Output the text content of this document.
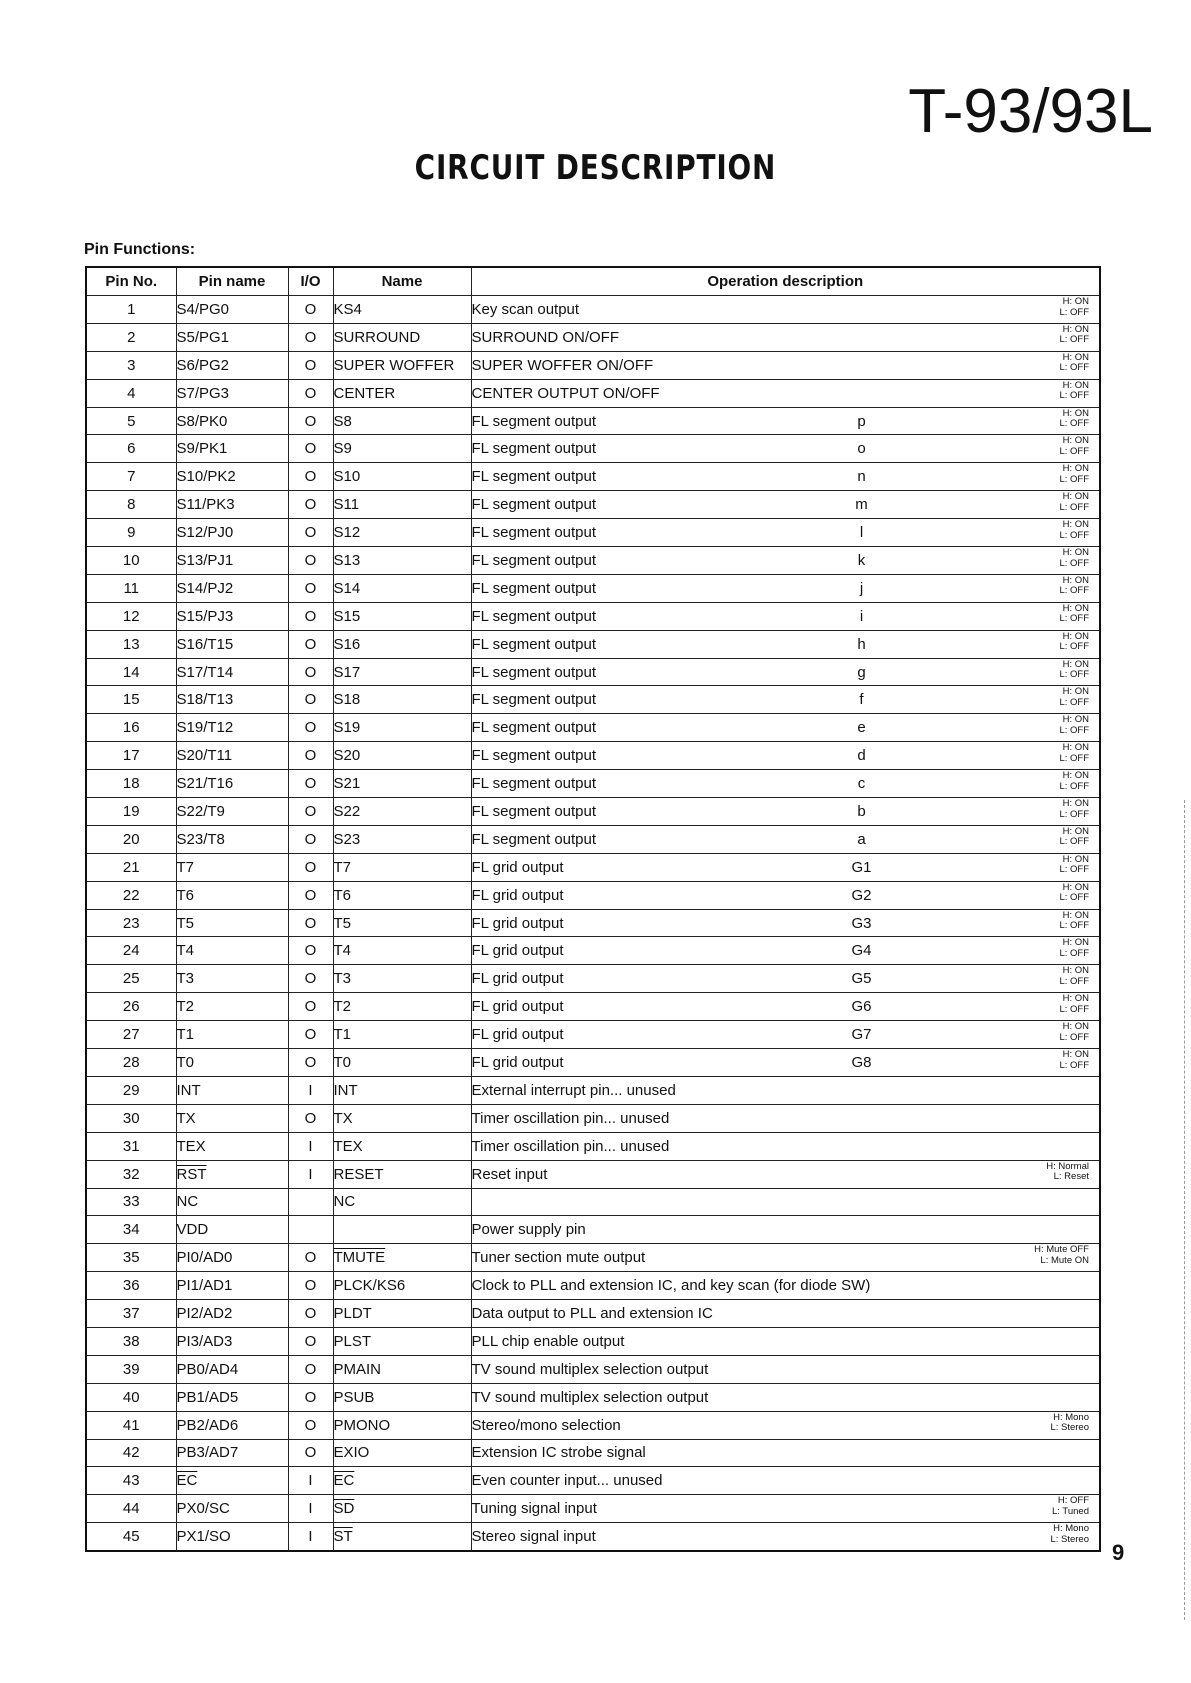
T-93/93L
CIRCUIT DESCRIPTION
Pin Functions:
Pin No.	Pin name	I/O	Name	Operation description
1	S4/PG0	O	KS4	Key scan output H: ON
L: OFF

2	S5/PG1	O	SURROUND	SURROUND ON/OFF H: ON
L: OFF

3	S6/PG2	O	SUPER WOFFER	SUPER WOFFER ON/OFF H: ON
L: OFF

4	S7/PG3	O	CENTER	CENTER OUTPUT ON/OFF H: ON
L: OFF

5	S8/PK0	O	S8	FL segment output p H: ON
L: OFF

6	S9/PK1	O	S9	FL segment output o H: ON
L: OFF

7	S10/PK2	O	S10	FL segment output n H: ON
L: OFF

8	S11/PK3	O	S11	FL segment output m H: ON
L: OFF

9	S12/PJ0	O	S12	FL segment output l H: ON
L: OFF

10	S13/PJ1	O	S13	FL segment output k H: ON
L: OFF

11	S14/PJ2	O	S14	FL segment output j H: ON
L: OFF

12	S15/PJ3	O	S15	FL segment output i H: ON
L: OFF

13	S16/T15	O	S16	FL segment output h H: ON
L: OFF

14	S17/T14	O	S17	FL segment output g H: ON
L: OFF

15	S18/T13	O	S18	FL segment output f H: ON
L: OFF

16	S19/T12	O	S19	FL segment output e H: ON
L: OFF

17	S20/T11	O	S20	FL segment output d H: ON
L: OFF

18	S21/T16	O	S21	FL segment output c H: ON
L: OFF

19	S22/T9	O	S22	FL segment output b H: ON
L: OFF

20	S23/T8	O	S23	FL segment output a H: ON
L: OFF

21	T7	O	T7	FL grid output G1 H: ON
L: OFF

22	T6	O	T6	FL grid output G2 H: ON
L: OFF

23	T5	O	T5	FL grid output G3 H: ON
L: OFF

24	T4	O	T4	FL grid output G4 H: ON
L: OFF

25	T3	O	T3	FL grid output G5 H: ON
L: OFF

26	T2	O	T2	FL grid output G6 H: ON
L: OFF

27	T1	O	T1	FL grid output G7 H: ON
L: OFF

28	T0	O	T0	FL grid output G8 H: ON
L: OFF

29	INT	I	INT	External interrupt pin... unused

30	TX	O	TX	Timer oscillation pin... unused

31	TEX	I	TEX	Timer oscillation pin... unused

32	$\overline{RST}$	I	RESET	Reset input H: Normal
L: Reset

33	NC		NC	

34	VDD			Power supply pin

35	PI0/AD0	O	TMUTE	Tuner section mute output H: Mute OFF
L: Mute ON

36	PI1/AD1	O	PLCK/KS6	Clock to PLL and extension IC, and key scan (for diode SW)

37	PI2/AD2	O	PLDT	Data output to PLL and extension IC

38	PI3/AD3	O	PLST	PLL chip enable output

39	PB0/AD4	O	PMAIN	TV sound multiplex selection output

40	PB1/AD5	O	PSUB	TV sound multiplex selection output

41	PB2/AD6	O	PMONO	Stereo/mono selection H: Mono
L: Stereo

42	PB3/AD7	O	EXIO	Extension IC strobe signal

43	$\overline{EC}$	I	$\overline{EC}$	Even counter input... unused

44	PX0/SC	I	$\overline{SD}$	Tuning signal input H: OFF
L: Tuned

45	PX1/SO	I	$\overline{ST}$	Stereo signal input H: Mono
L: Stereo
9
